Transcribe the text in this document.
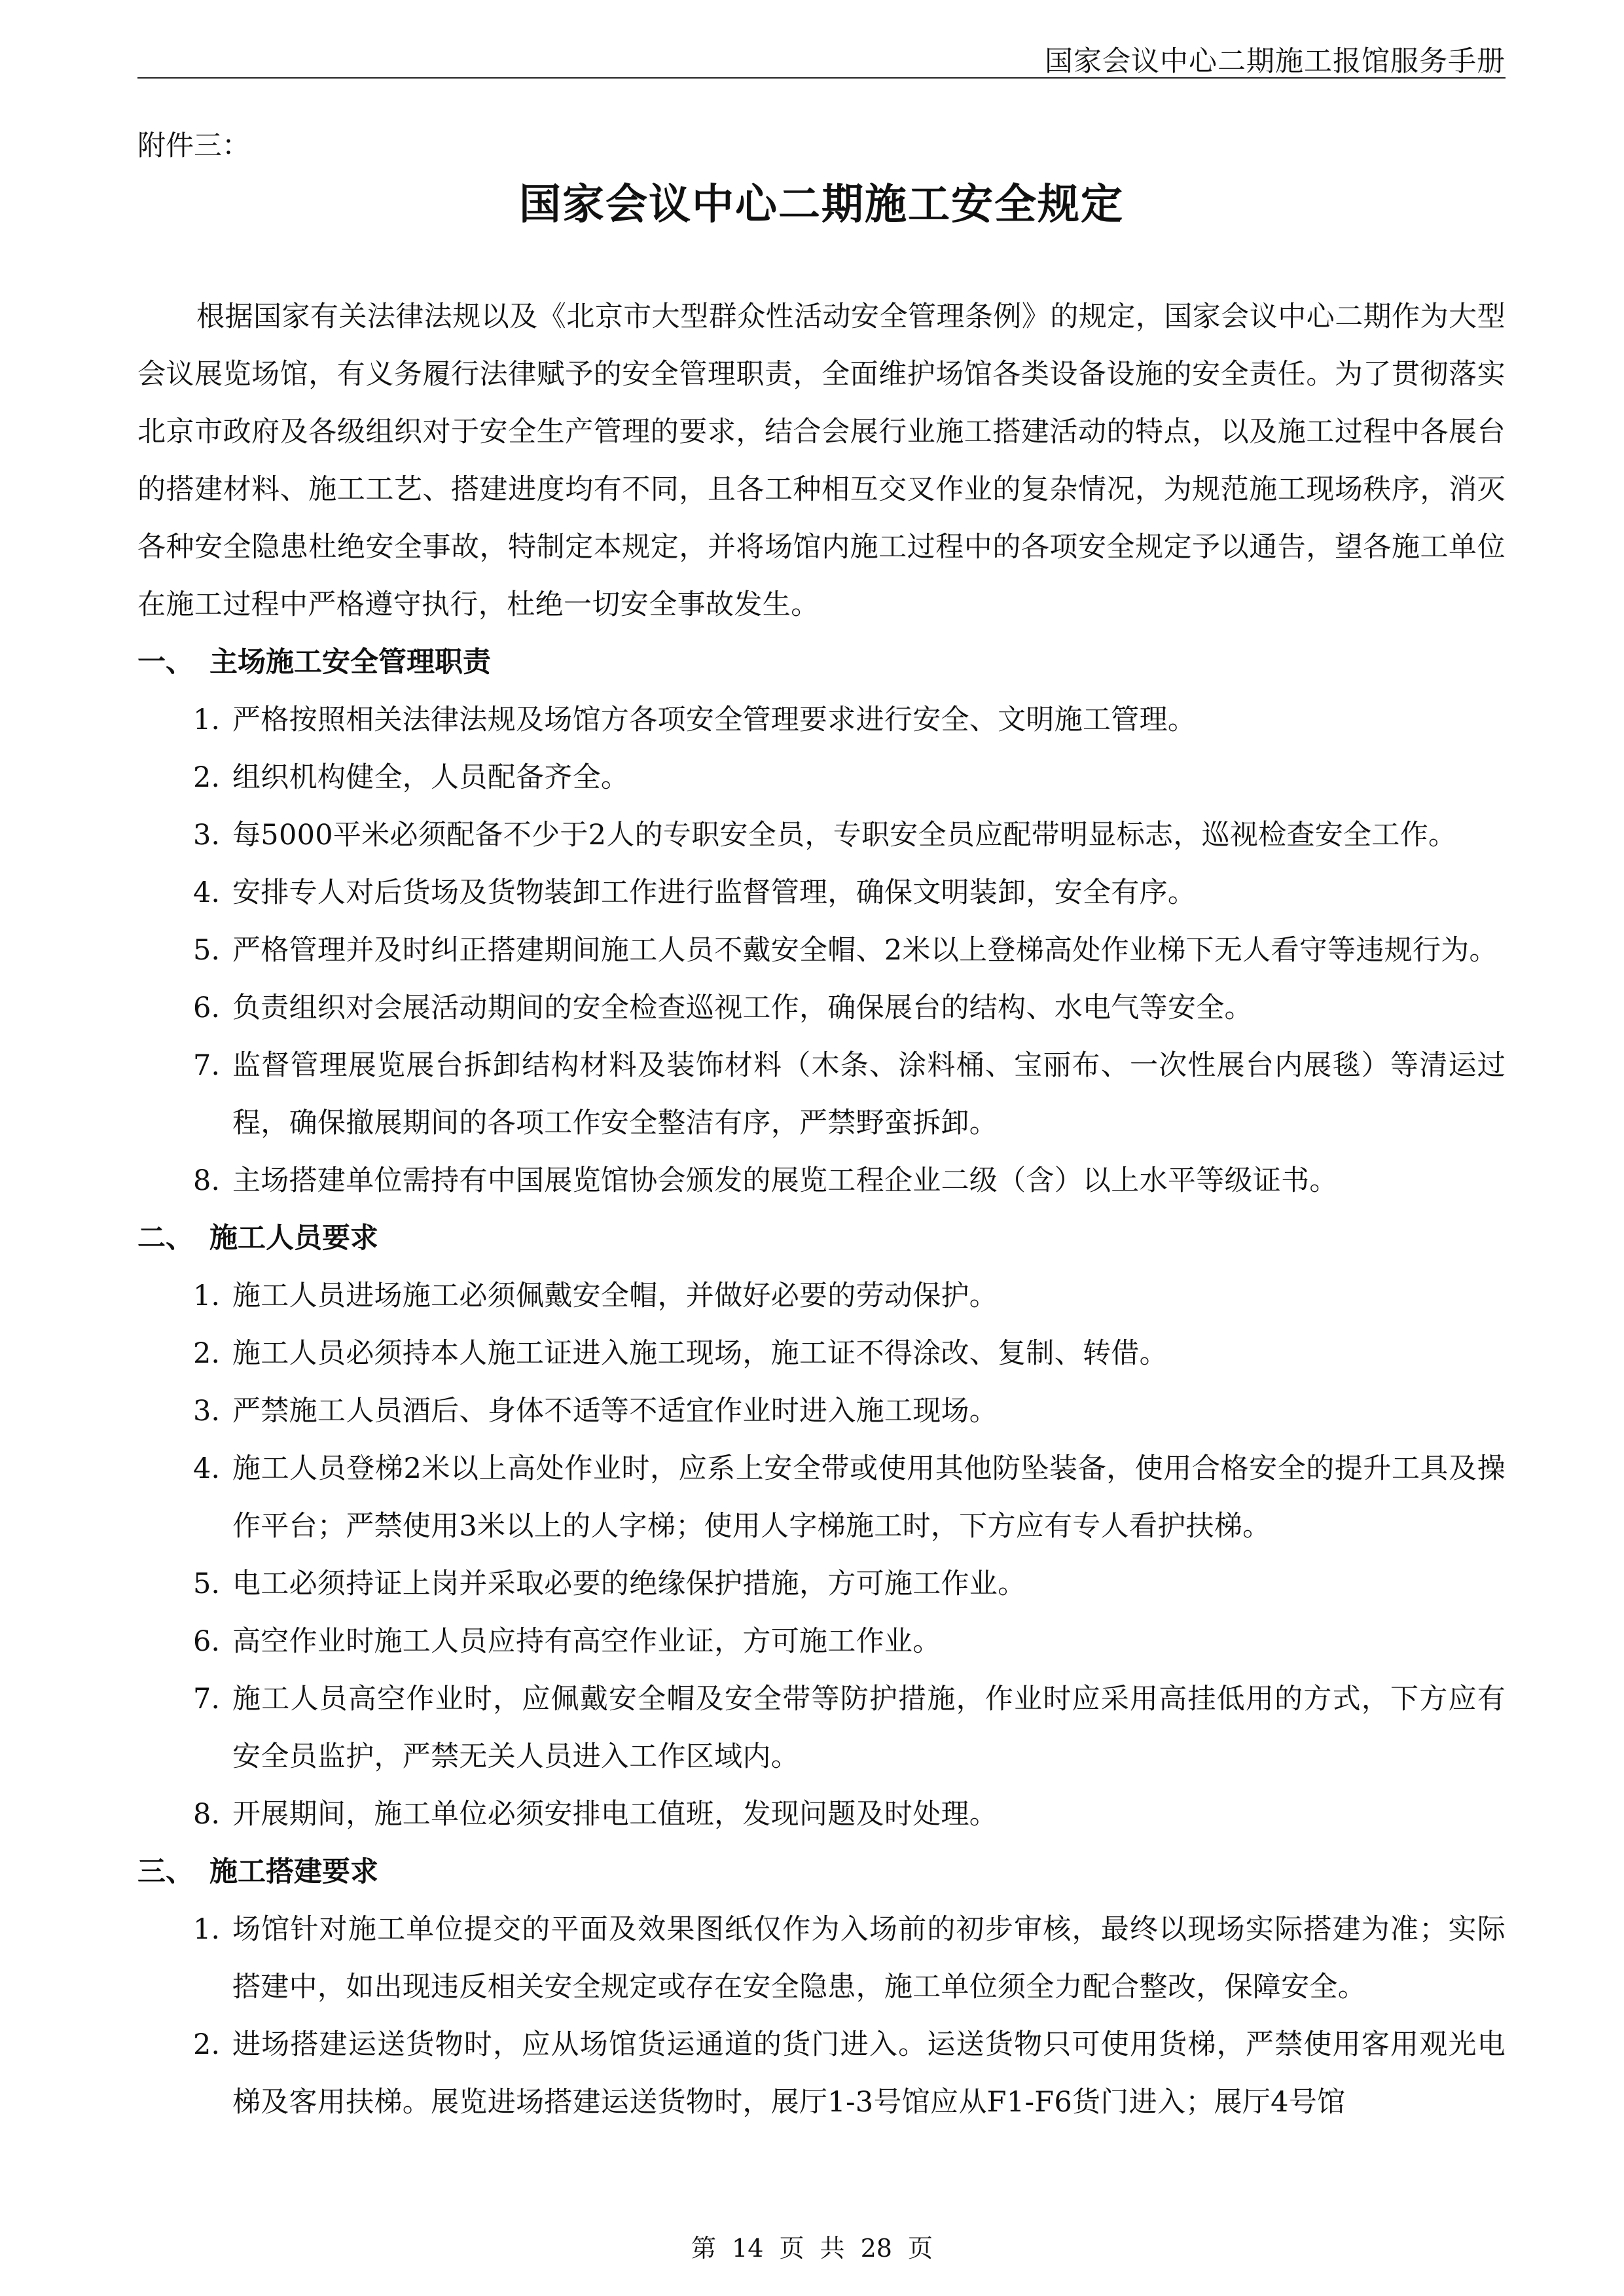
国家会议中心二期施工报馆服务手册
附件三：
国家会议中心二期施工安全规定
根据国家有关法律法规以及《北京市大型群众性活动安全管理条例》的规定，国家会议中心二期作为大型会议展览场馆，有义务履行法律赋予的安全管理职责，全面维护场馆各类设备设施的安全责任。为了贯彻落实北京市政府及各级组织对于安全生产管理的要求，结合会展行业施工搭建活动的特点，以及施工过程中各展台的搭建材料、施工工艺、搭建进度均有不同，且各工种相互交叉作业的复杂情况，为规范施工现场秩序，消灭各种安全隐患杜绝安全事故，特制定本规定，并将场馆内施工过程中的各项安全规定予以通告，望各施工单位在施工过程中严格遵守执行，杜绝一切安全事故发生。
一、 主场施工安全管理职责
1. 严格按照相关法律法规及场馆方各项安全管理要求进行安全、文明施工管理。
2. 组织机构健全，人员配备齐全。
3. 每5000平米必须配备不少于2人的专职安全员，专职安全员应配带明显标志，巡视检查安全工作。
4. 安排专人对后货场及货物装卸工作进行监督管理，确保文明装卸，安全有序。
5. 严格管理并及时纠正搭建期间施工人员不戴安全帽、2米以上登梯高处作业梯下无人看守等违规行为。
6. 负责组织对会展活动期间的安全检查巡视工作，确保展台的结构、水电气等安全。
7. 监督管理展览展台拆卸结构材料及装饰材料（木条、涂料桶、宝丽布、一次性展台内展毯）等清运过程，确保撤展期间的各项工作安全整洁有序，严禁野蛮拆卸。
8. 主场搭建单位需持有中国展览馆协会颁发的展览工程企业二级（含）以上水平等级证书。
二、 施工人员要求
1. 施工人员进场施工必须佩戴安全帽，并做好必要的劳动保护。
2. 施工人员必须持本人施工证进入施工现场，施工证不得涂改、复制、转借。
3. 严禁施工人员酒后、身体不适等不适宜作业时进入施工现场。
4. 施工人员登梯2米以上高处作业时，应系上安全带或使用其他防坠装备，使用合格安全的提升工具及操作平台；严禁使用3米以上的人字梯；使用人字梯施工时，下方应有专人看护扶梯。
5. 电工必须持证上岗并采取必要的绝缘保护措施，方可施工作业。
6. 高空作业时施工人员应持有高空作业证，方可施工作业。
7. 施工人员高空作业时，应佩戴安全帽及安全带等防护措施，作业时应采用高挂低用的方式，下方应有安全员监护，严禁无关人员进入工作区域内。
8. 开展期间，施工单位必须安排电工值班，发现问题及时处理。
三、 施工搭建要求
1. 场馆针对施工单位提交的平面及效果图纸仅作为入场前的初步审核，最终以现场实际搭建为准；实际搭建中，如出现违反相关安全规定或存在安全隐患，施工单位须全力配合整改，保障安全。
2. 进场搭建运送货物时，应从场馆货运通道的货门进入。运送货物只可使用货梯，严禁使用客用观光电梯及客用扶梯。展览进场搭建运送货物时，展厅1-3号馆应从F1-F6货门进入；展厅4号馆
第 14 页 共 28 页
